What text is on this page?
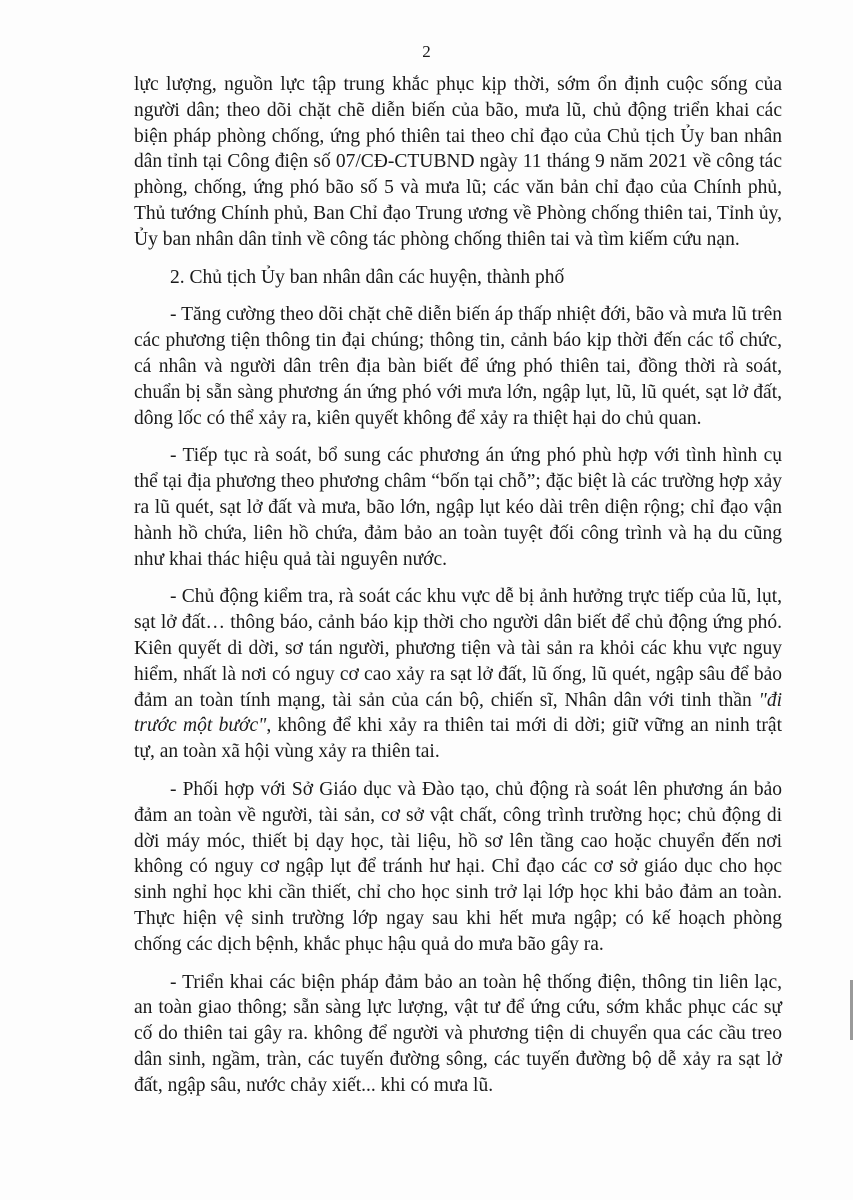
2

lực lượng, nguồn lực tập trung khắc phục kịp thời, sớm ổn định cuộc sống của người dân; theo dõi chặt chẽ diễn biến của bão, mưa lũ, chủ động triển khai các biện pháp phòng chống, ứng phó thiên tai theo chỉ đạo của Chủ tịch Ủy ban nhân dân tỉnh tại Công điện số 07/CĐ-CTUBND ngày 11 tháng 9 năm 2021 về công tác phòng, chống, ứng phó bão số 5 và mưa lũ; các văn bản chỉ đạo của Chính phủ, Thủ tướng Chính phủ, Ban Chỉ đạo Trung ương về Phòng chống thiên tai, Tỉnh ủy, Ủy ban nhân dân tỉnh về công tác phòng chống thiên tai và tìm kiếm cứu nạn.

2. Chủ tịch Ủy ban nhân dân các huyện, thành phố

- Tăng cường theo dõi chặt chẽ diễn biến áp thấp nhiệt đới, bão và mưa lũ trên các phương tiện thông tin đại chúng; thông tin, cảnh báo kịp thời đến các tổ chức, cá nhân và người dân trên địa bàn biết để ứng phó thiên tai, đồng thời rà soát, chuẩn bị sẵn sàng phương án ứng phó với mưa lớn, ngập lụt, lũ, lũ quét, sạt lở đất, dông lốc có thể xảy ra, kiên quyết không để xảy ra thiệt hại do chủ quan.

- Tiếp tục rà soát, bổ sung các phương án ứng phó phù hợp với tình hình cụ thể tại địa phương theo phương châm “bốn tại chỗ”; đặc biệt là các trường hợp xảy ra lũ quét, sạt lở đất và mưa, bão lớn, ngập lụt kéo dài trên diện rộng; chỉ đạo vận hành hồ chứa, liên hồ chứa, đảm bảo an toàn tuyệt đối công trình và hạ du cũng như khai thác hiệu quả tài nguyên nước.

- Chủ động kiểm tra, rà soát các khu vực dễ bị ảnh hưởng trực tiếp của lũ, lụt, sạt lở đất… thông báo, cảnh báo kịp thời cho người dân biết để chủ động ứng phó. Kiên quyết di dời, sơ tán người, phương tiện và tài sản ra khỏi các khu vực nguy hiểm, nhất là nơi có nguy cơ cao xảy ra sạt lở đất, lũ ống, lũ quét, ngập sâu để bảo đảm an toàn tính mạng, tài sản của cán bộ, chiến sĩ, Nhân dân với tinh thần "đi trước một bước", không để khi xảy ra thiên tai mới di dời; giữ vững an ninh trật tự, an toàn xã hội vùng xảy ra thiên tai.

- Phối hợp với Sở Giáo dục và Đào tạo, chủ động rà soát lên phương án bảo đảm an toàn về người, tài sản, cơ sở vật chất, công trình trường học; chủ động di dời máy móc, thiết bị dạy học, tài liệu, hồ sơ lên tầng cao hoặc chuyển đến nơi không có nguy cơ ngập lụt để tránh hư hại. Chỉ đạo các cơ sở giáo dục cho học sinh nghỉ học khi cần thiết, chỉ cho học sinh trở lại lớp học khi bảo đảm an toàn. Thực hiện vệ sinh trường lớp ngay sau khi hết mưa ngập; có kế hoạch phòng chống các dịch bệnh, khắc phục hậu quả do mưa bão gây ra.

- Triển khai các biện pháp đảm bảo an toàn hệ thống điện, thông tin liên lạc, an toàn giao thông; sẵn sàng lực lượng, vật tư để ứng cứu, sớm khắc phục các sự cố do thiên tai gây ra. không để người và phương tiện di chuyển qua các cầu treo dân sinh, ngầm, tràn, các tuyến đường sông, các tuyến đường bộ dễ xảy ra sạt lở đất, ngập sâu, nước chảy xiết... khi có mưa lũ.
